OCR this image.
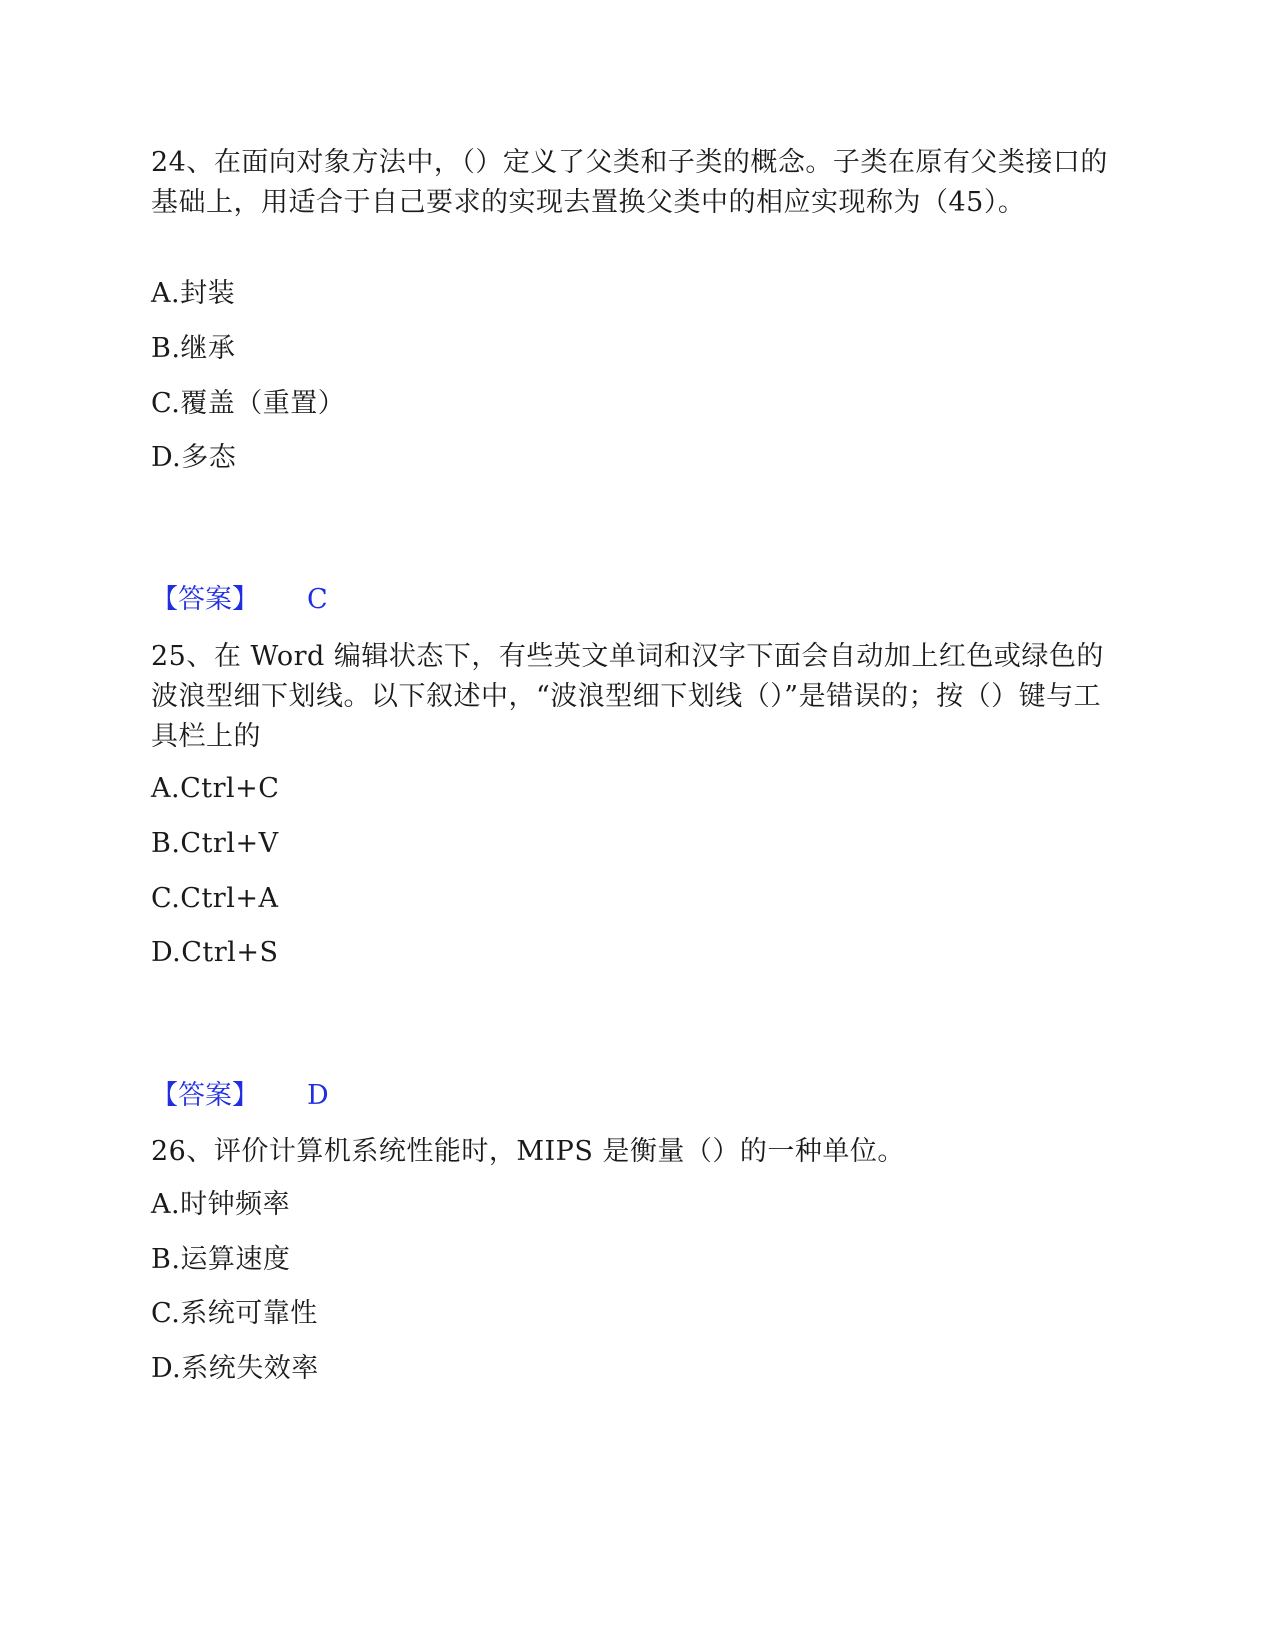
24、在面向对象方法中，（）定义了父类和子类的概念。子类在原有父类接口的基础上，用适合于自己要求的实现去置换父类中的相应实现称为（45）。

A.封装

B.继承

C.覆盖（重置）

D.多态

【答案】 C

25、在 Word 编辑状态下，有些英文单词和汉字下面会自动加上红色或绿色的波浪型细下划线。以下叙述中，“波浪型细下划线（）”是错误的；按（）键与工具栏上的

A.Ctrl+C

B.Ctrl+V

C.Ctrl+A

D.Ctrl+S

【答案】 D

26、评价计算机系统性能时，MIPS 是衡量（）的一种单位。

A.时钟频率

B.运算速度

C.系统可靠性

D.系统失效率
